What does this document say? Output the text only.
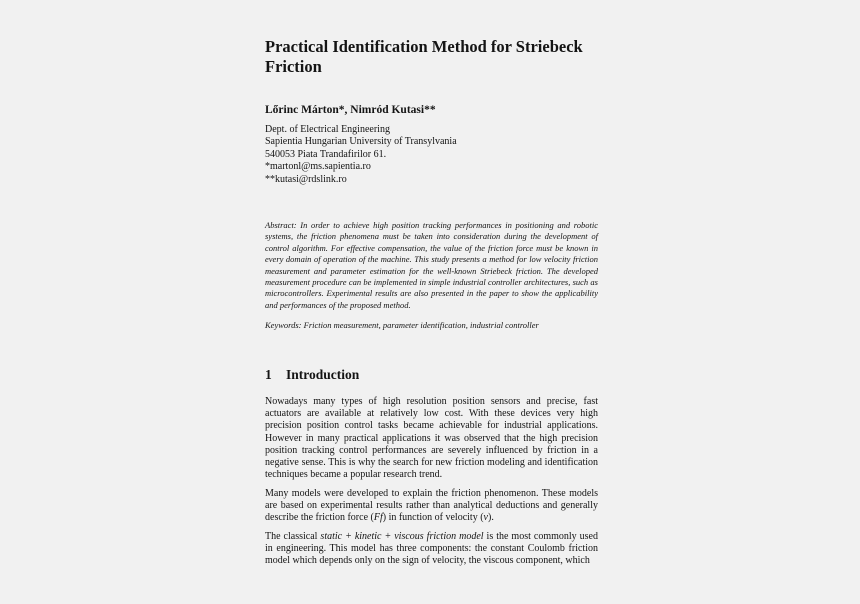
Practical Identification Method for Striebeck Friction
Lőrinc Márton*, Nimród Kutasi**
Dept. of Electrical Engineering
Sapientia Hungarian University of Transylvania
540053 Piata Trandafirilor 61.
*martonl@ms.sapientia.ro
**kutasi@rdslink.ro

Abstract: In order to achieve high position tracking performances in positioning and robotic systems, the friction phenomena must be taken into consideration during the development of control algorithm. For effective compensation, the value of the friction force must be known in every domain of operation of the machine. This study presents a method for low velocity friction measurement and parameter estimation for the well-known Striebeck friction. The developed measurement procedure can be implemented in simple industrial controller architectures, such as microcontrollers. Experimental results are also presented in the paper to show the applicability and performances of the proposed method.

Keywords: Friction measurement, parameter identification, industrial controller

1 Introduction

Nowadays many types of high resolution position sensors and precise, fast actuators are available at relatively low cost. With these devices very high precision position control tasks became achievable for industrial applications. However in many practical applications it was observed that the high precision position tracking control performances are severely influenced by friction in a negative sense. This is why the search for new friction modeling and identification techniques became a popular research trend.

Many models were developed to explain the friction phenomenon. These models are based on experimental results rather than analytical deductions and generally describe the friction force (Ff) in function of velocity (v).

The classical static + kinetic + viscous friction model is the most commonly used in engineering. This model has three components: the constant Coulomb friction model which depends only on the sign of velocity, the viscous component, which
